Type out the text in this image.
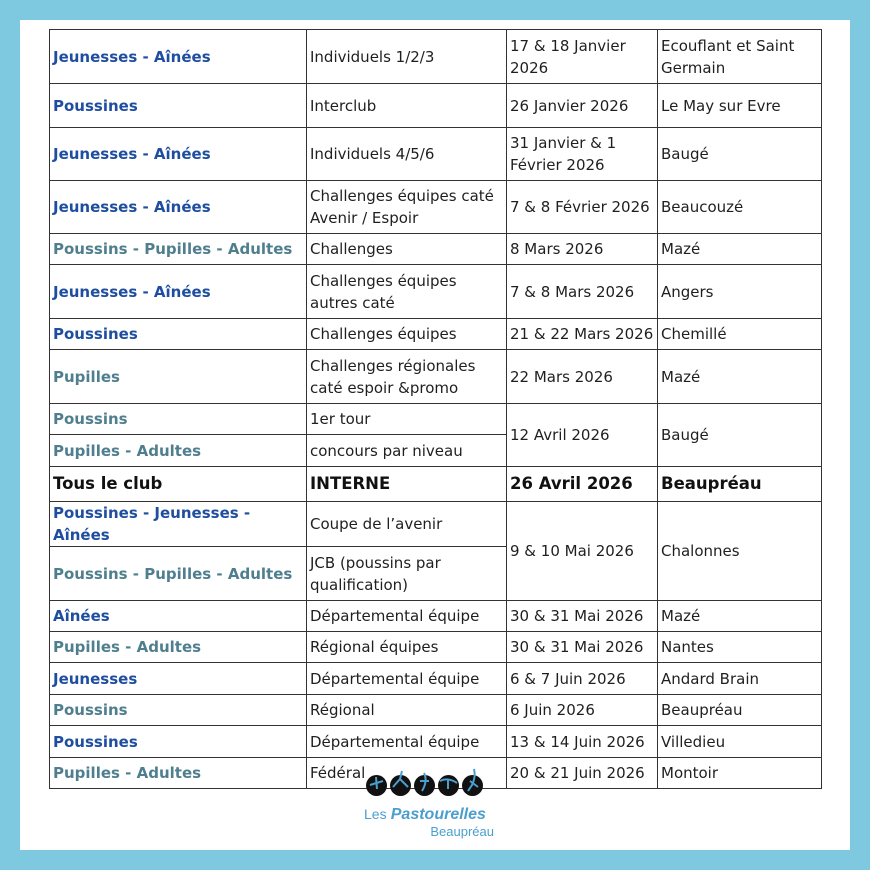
Jeunesses - Aînées	Individuels 1/2/3	17 & 18 Janvier 2026	Ecouflant et Saint Germain
Poussines	Interclub	26 Janvier 2026	Le May sur Evre
Jeunesses - Aînées	Individuels 4/5/6	31 Janvier & 1 Février 2026	Baugé
Jeunesses - Aînées	Challenges équipes caté Avenir / Espoir	7 & 8 Février 2026	Beaucouzé
Poussins - Pupilles - Adultes	Challenges	8 Mars 2026	Mazé
Jeunesses - Aînées	Challenges équipes autres caté	7 & 8 Mars 2026	Angers
Poussines	Challenges équipes	21 & 22 Mars 2026	Chemillé
Pupilles	Challenges régionales caté espoir &promo	22 Mars 2026	Mazé
Poussins	1er tour	12 Avril 2026	Baugé
Pupilles - Adultes	concours par niveau		
Tous le club	INTERNE	26 Avril 2026	Beaupréau
Poussines - Jeunesses - Aînées	Coupe de l’avenir	9 & 10 Mai 2026	Chalonnes
Poussins - Pupilles - Adultes	JCB (poussins par qualification)		
Aînées	Départemental équipe	30 & 31 Mai 2026	Mazé
Pupilles - Adultes	Régional équipes	30 & 31 Mai 2026	Nantes
Jeunesses	Départemental équipe	6 & 7 Juin 2026	Andard Brain
Poussins	Régional	6 Juin 2026	Beaupréau
Poussines	Départemental équipe	13 & 14 Juin 2026	Villedieu
Pupilles - Adultes	Fédéral	20 & 21 Juin 2026	Montoir
Les Pastourelles
Beaupréau
